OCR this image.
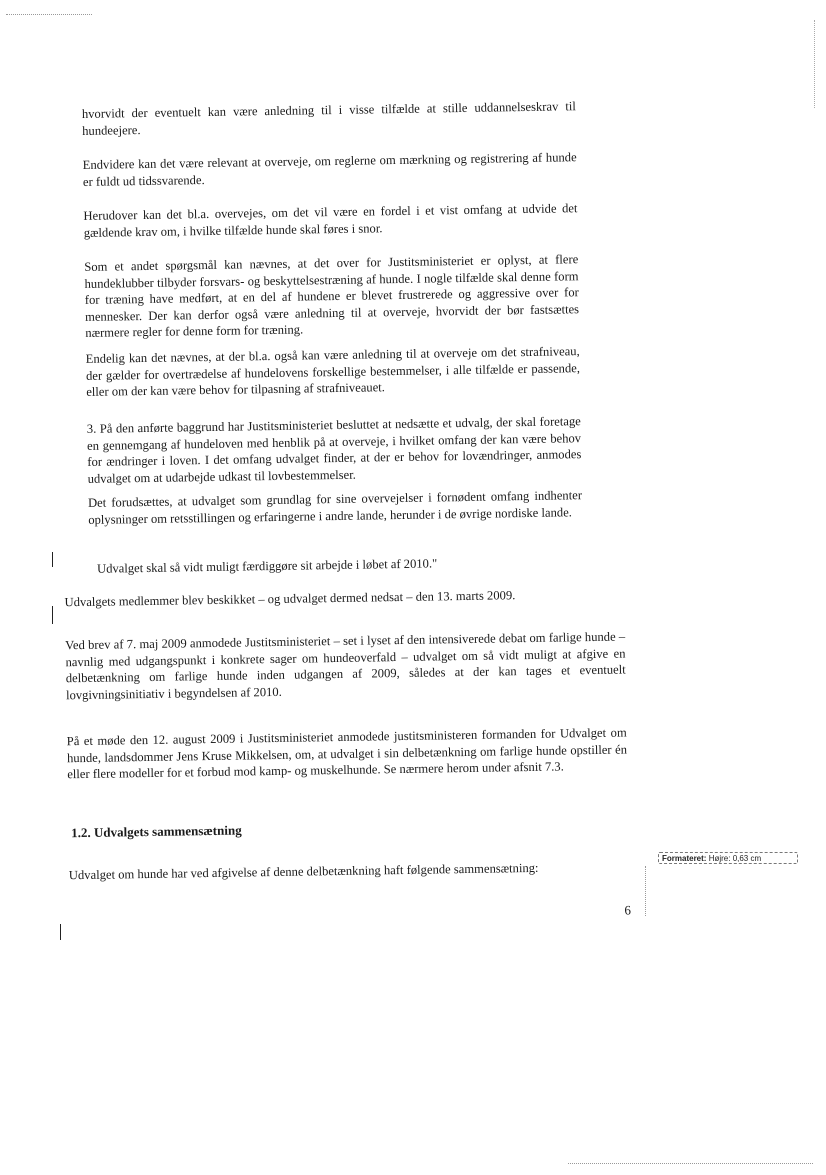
hvorvidt der eventuelt kan være anledning til i visse tilfælde at stille uddannelseskrav til hundeejere.

Endvidere kan det være relevant at overveje, om reglerne om mærkning og registrering af hunde er fuldt ud tidssvarende.

Herudover kan det bl.a. overvejes, om det vil være en fordel i et vist omfang at udvide det gældende krav om, i hvilke tilfælde hunde skal føres i snor.

Som et andet spørgsmål kan nævnes, at det over for Justitsministeriet er oplyst, at flere hundeklubber tilbyder forsvars- og beskyttelsestræning af hunde. I nogle tilfælde skal denne form for træning have medført, at en del af hundene er blevet frustrerede og aggressive over for mennesker. Der kan derfor også være anledning til at overveje, hvorvidt der bør fastsættes nærmere regler for denne form for træning.

Endelig kan det nævnes, at der bl.a. også kan være anledning til at overveje om det strafniveau, der gælder for overtrædelse af hundelovens forskellige bestemmelser, i alle tilfælde er passende, eller om der kan være behov for tilpasning af strafniveauet.

3. På den anførte baggrund har Justitsministeriet besluttet at nedsætte et udvalg, der skal foretage en gennemgang af hundeloven med henblik på at overveje, i hvilket omfang der kan være behov for ændringer i loven. I det omfang udvalget finder, at der er behov for lovændringer, anmodes udvalget om at udarbejde udkast til lovbestemmelser.

Det forudsættes, at udvalget som grundlag for sine overvejelser i fornødent omfang indhenter oplysninger om retsstillingen og erfaringerne i andre lande, herunder i de øvrige nordiske lande.

Udvalget skal så vidt muligt færdiggøre sit arbejde i løbet af 2010."

Udvalgets medlemmer blev beskikket – og udvalget dermed nedsat – den 13. marts 2009.

Ved brev af 7. maj 2009 anmodede Justitsministeriet – set i lyset af den intensiverede debat om farlige hunde – navnlig med udgangspunkt i konkrete sager om hundeoverfald – udvalget om så vidt muligt at afgive en delbetænkning om farlige hunde inden udgangen af 2009, således at der kan tages et eventuelt lovgivningsinitiativ i begyndelsen af 2010.

På et møde den 12. august 2009 i Justitsministeriet anmodede justitsministeren formanden for Udvalget om hunde, landsdommer Jens Kruse Mikkelsen, om, at udvalget i sin delbetænkning om farlige hunde opstiller én eller flere modeller for et forbud mod kamp- og muskelhunde. Se nærmere herom under afsnit 7.3.

1.2. Udvalgets sammensætning

Udvalget om hunde har ved afgivelse af denne delbetænkning haft følgende sammensætning:

6
Formateret: Højre: 0,63 cm
